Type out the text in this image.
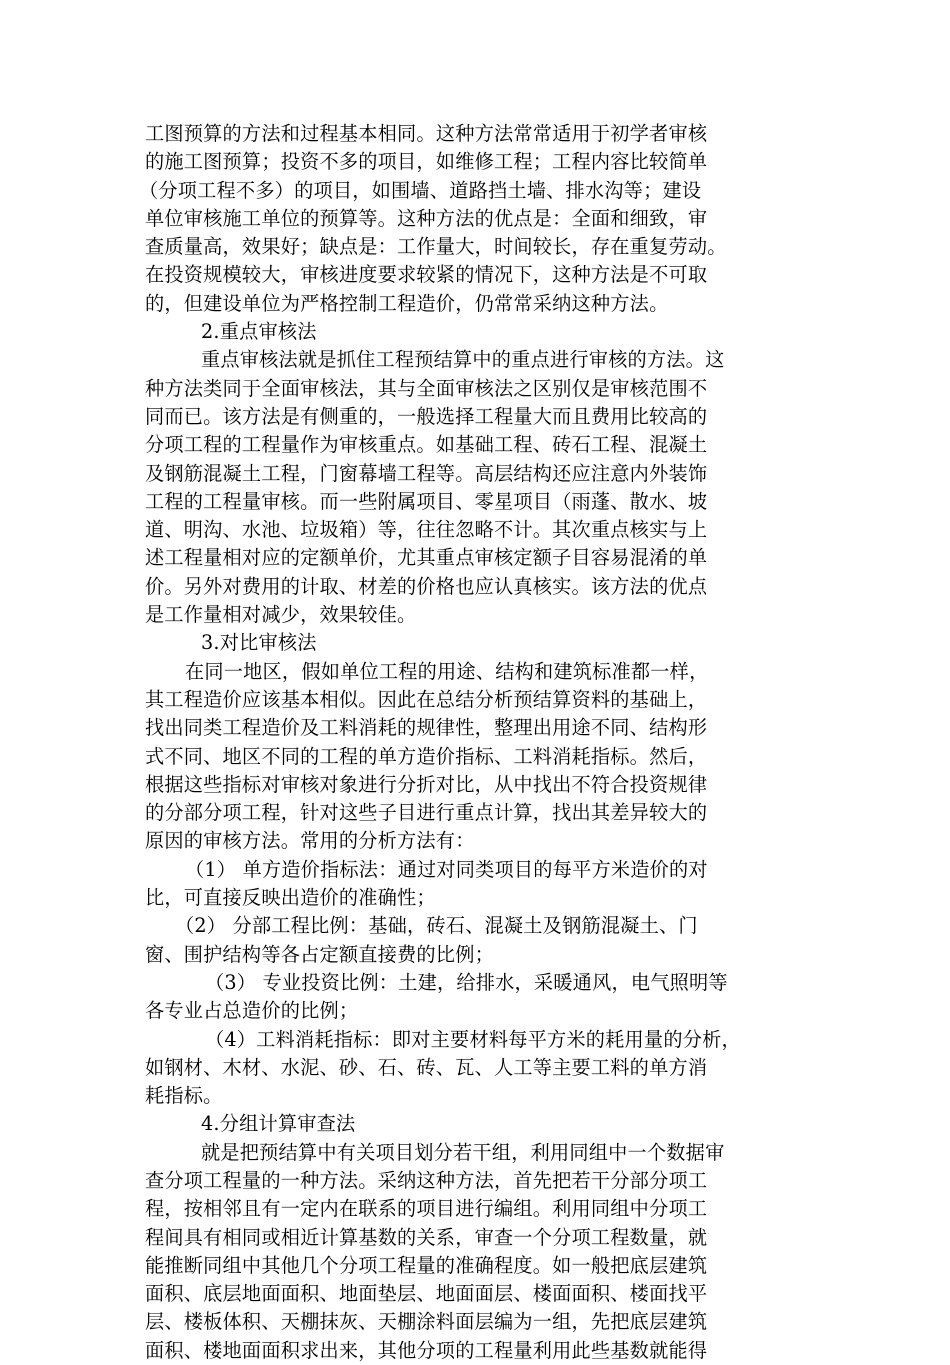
工图预算的方法和过程基本相同。这种方法常常适用于初学者审核
的施工图预算；投资不多的项目，如维修工程；工程内容比较简单
（分项工程不多）的项目，如围墙、道路挡土墙、排水沟等；建设
单位审核施工单位的预算等。这种方法的优点是：全面和细致，审
查质量高，效果好；缺点是：工作量大，时间较长，存在重复劳动。
在投资规模较大，审核进度要求较紧的情况下，这种方法是不可取
的，但建设单位为严格控制工程造价，仍常常采纳这种方法。
2.重点审核法
重点审核法就是抓住工程预结算中的重点进行审核的方法。这
种方法类同于全面审核法，其与全面审核法之区别仅是审核范围不
同而已。该方法是有侧重的，一般选择工程量大而且费用比较高的
分项工程的工程量作为审核重点。如基础工程、砖石工程、混凝土
及钢筋混凝土工程，门窗幕墙工程等。高层结构还应注意内外装饰
工程的工程量审核。而一些附属项目、零星项目（雨蓬、散水、坡
道、明沟、水池、垃圾箱）等，往往忽略不计。其次重点核实与上
述工程量相对应的定额单价，尤其重点审核定额子目容易混淆的单
价。另外对费用的计取、材差的价格也应认真核实。该方法的优点
是工作量相对减少，效果较佳。
3.对比审核法
在同一地区，假如单位工程的用途、结构和建筑标准都一样，
其工程造价应该基本相似。因此在总结分析预结算资料的基础上，
找出同类工程造价及工料消耗的规律性，整理出用途不同、结构形
式不同、地区不同的工程的单方造价指标、工料消耗指标。然后，
根据这些指标对审核对象进行分折对比，从中找出不符合投资规律
的分部分项工程，针对这些子目进行重点计算，找出其差异较大的
原因的审核方法。常用的分析方法有：
（1） 单方造价指标法：通过对同类项目的每平方米造价的对
比，可直接反映出造价的准确性；
（2） 分部工程比例：基础，砖石、混凝土及钢筋混凝土、门
窗、围护结构等各占定额直接费的比例；
（3） 专业投资比例：土建，给排水，采暖通风，电气照明等
各专业占总造价的比例；
（4）工料消耗指标：即对主要材料每平方米的耗用量的分析，
如钢材、木材、水泥、砂、石、砖、瓦、人工等主要工料的单方消
耗指标。
4.分组计算审查法
就是把预结算中有关项目划分若干组，利用同组中一个数据审
查分项工程量的一种方法。采纳这种方法，首先把若干分部分项工
程，按相邻且有一定内在联系的项目进行编组。利用同组中分项工
程间具有相同或相近计算基数的关系，审查一个分项工程数量，就
能推断同组中其他几个分项工程量的准确程度。如一般把底层建筑
面积、底层地面面积、地面垫层、地面面层、楼面面积、楼面找平
层、楼板体积、天棚抹灰、天棚涂料面层编为一组，先把底层建筑
面积、楼地面面积求出来，其他分项的工程量利用此些基数就能得
